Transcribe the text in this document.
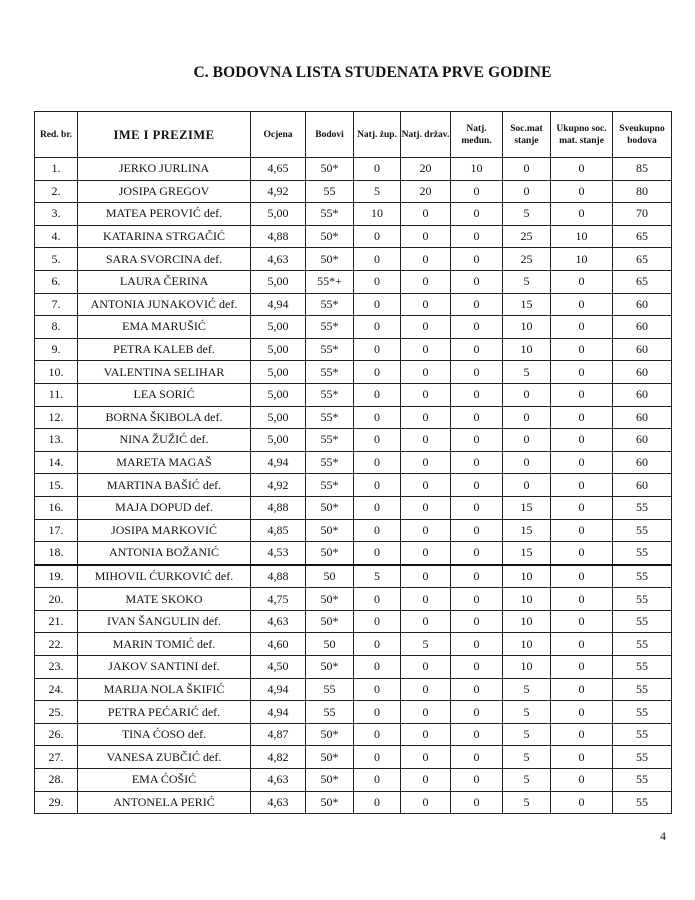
C. BODOVNA LISTA STUDENATA PRVE GODINE
Red. br.	IME I PREZIME	Ocjena	Bodovi	Natj. žup.	Natj. držav.	Natj. međun.	Soc.mat stanje	Ukupno soc. mat. stanje	Sveukupno bodova
1.	JERKO JURLINA	4,65	50*	0	20	10	0	0	85
2.	JOSIPA GREGOV	4,92	55	5	20	0	0	0	80
3.	MATEA PEROVIĆ def.	5,00	55*	10	0	0	5	0	70
4.	KATARINA STRGAČIĆ	4,88	50*	0	0	0	25	10	65
5.	SARA SVORCINA def.	4,63	50*	0	0	0	25	10	65
6.	LAURA ČERINA	5,00	55*+	0	0	0	5	0	65
7.	ANTONIA JUNAKOVIĆ def.	4,94	55*	0	0	0	15	0	60
8.	EMA MARUŠIĆ	5,00	55*	0	0	0	10	0	60
9.	PETRA KALEB def.	5,00	55*	0	0	0	10	0	60
10.	VALENTINA SELIHAR	5,00	55*	0	0	0	5	0	60
11.	LEA SORIĆ	5,00	55*	0	0	0	0	0	60
12.	BORNA ŠKIBOLA def.	5,00	55*	0	0	0	0	0	60
13.	NINA ŽUŽIĆ def.	5,00	55*	0	0	0	0	0	60
14.	MARETA MAGAŠ	4,94	55*	0	0	0	0	0	60
15.	MARTINA BAŠIĆ def.	4,92	55*	0	0	0	0	0	60
16.	MAJA DOPUD def.	4,88	50*	0	0	0	15	0	55
17.	JOSIPA MARKOVIĆ	4,85	50*	0	0	0	15	0	55
18.	ANTONIA BOŽANIĆ	4,53	50*	0	0	0	15	0	55
19.	MIHOVIL ĆURKOVIĆ def.	4,88	50	5	0	0	10	0	55
20.	MATE SKOKO	4,75	50*	0	0	0	10	0	55
21.	IVAN ŠANGULIN def.	4,63	50*	0	0	0	10	0	55
22.	MARIN TOMIĆ def.	4,60	50	0	5	0	10	0	55
23.	JAKOV SANTINI def.	4,50	50*	0	0	0	10	0	55
24.	MARIJA NOLA ŠKIFIĆ	4,94	55	0	0	0	5	0	55
25.	PETRA PEĆARIĆ def.	4,94	55	0	0	0	5	0	55
26.	TINA ĆOSO def.	4,87	50*	0	0	0	5	0	55
27.	VANESA ZUBČIĆ def.	4,82	50*	0	0	0	5	0	55
28.	EMA ĆOŠIĆ	4,63	50*	0	0	0	5	0	55
29.	ANTONELA PERIĆ	4,63	50*	0	0	0	5	0	55
4
